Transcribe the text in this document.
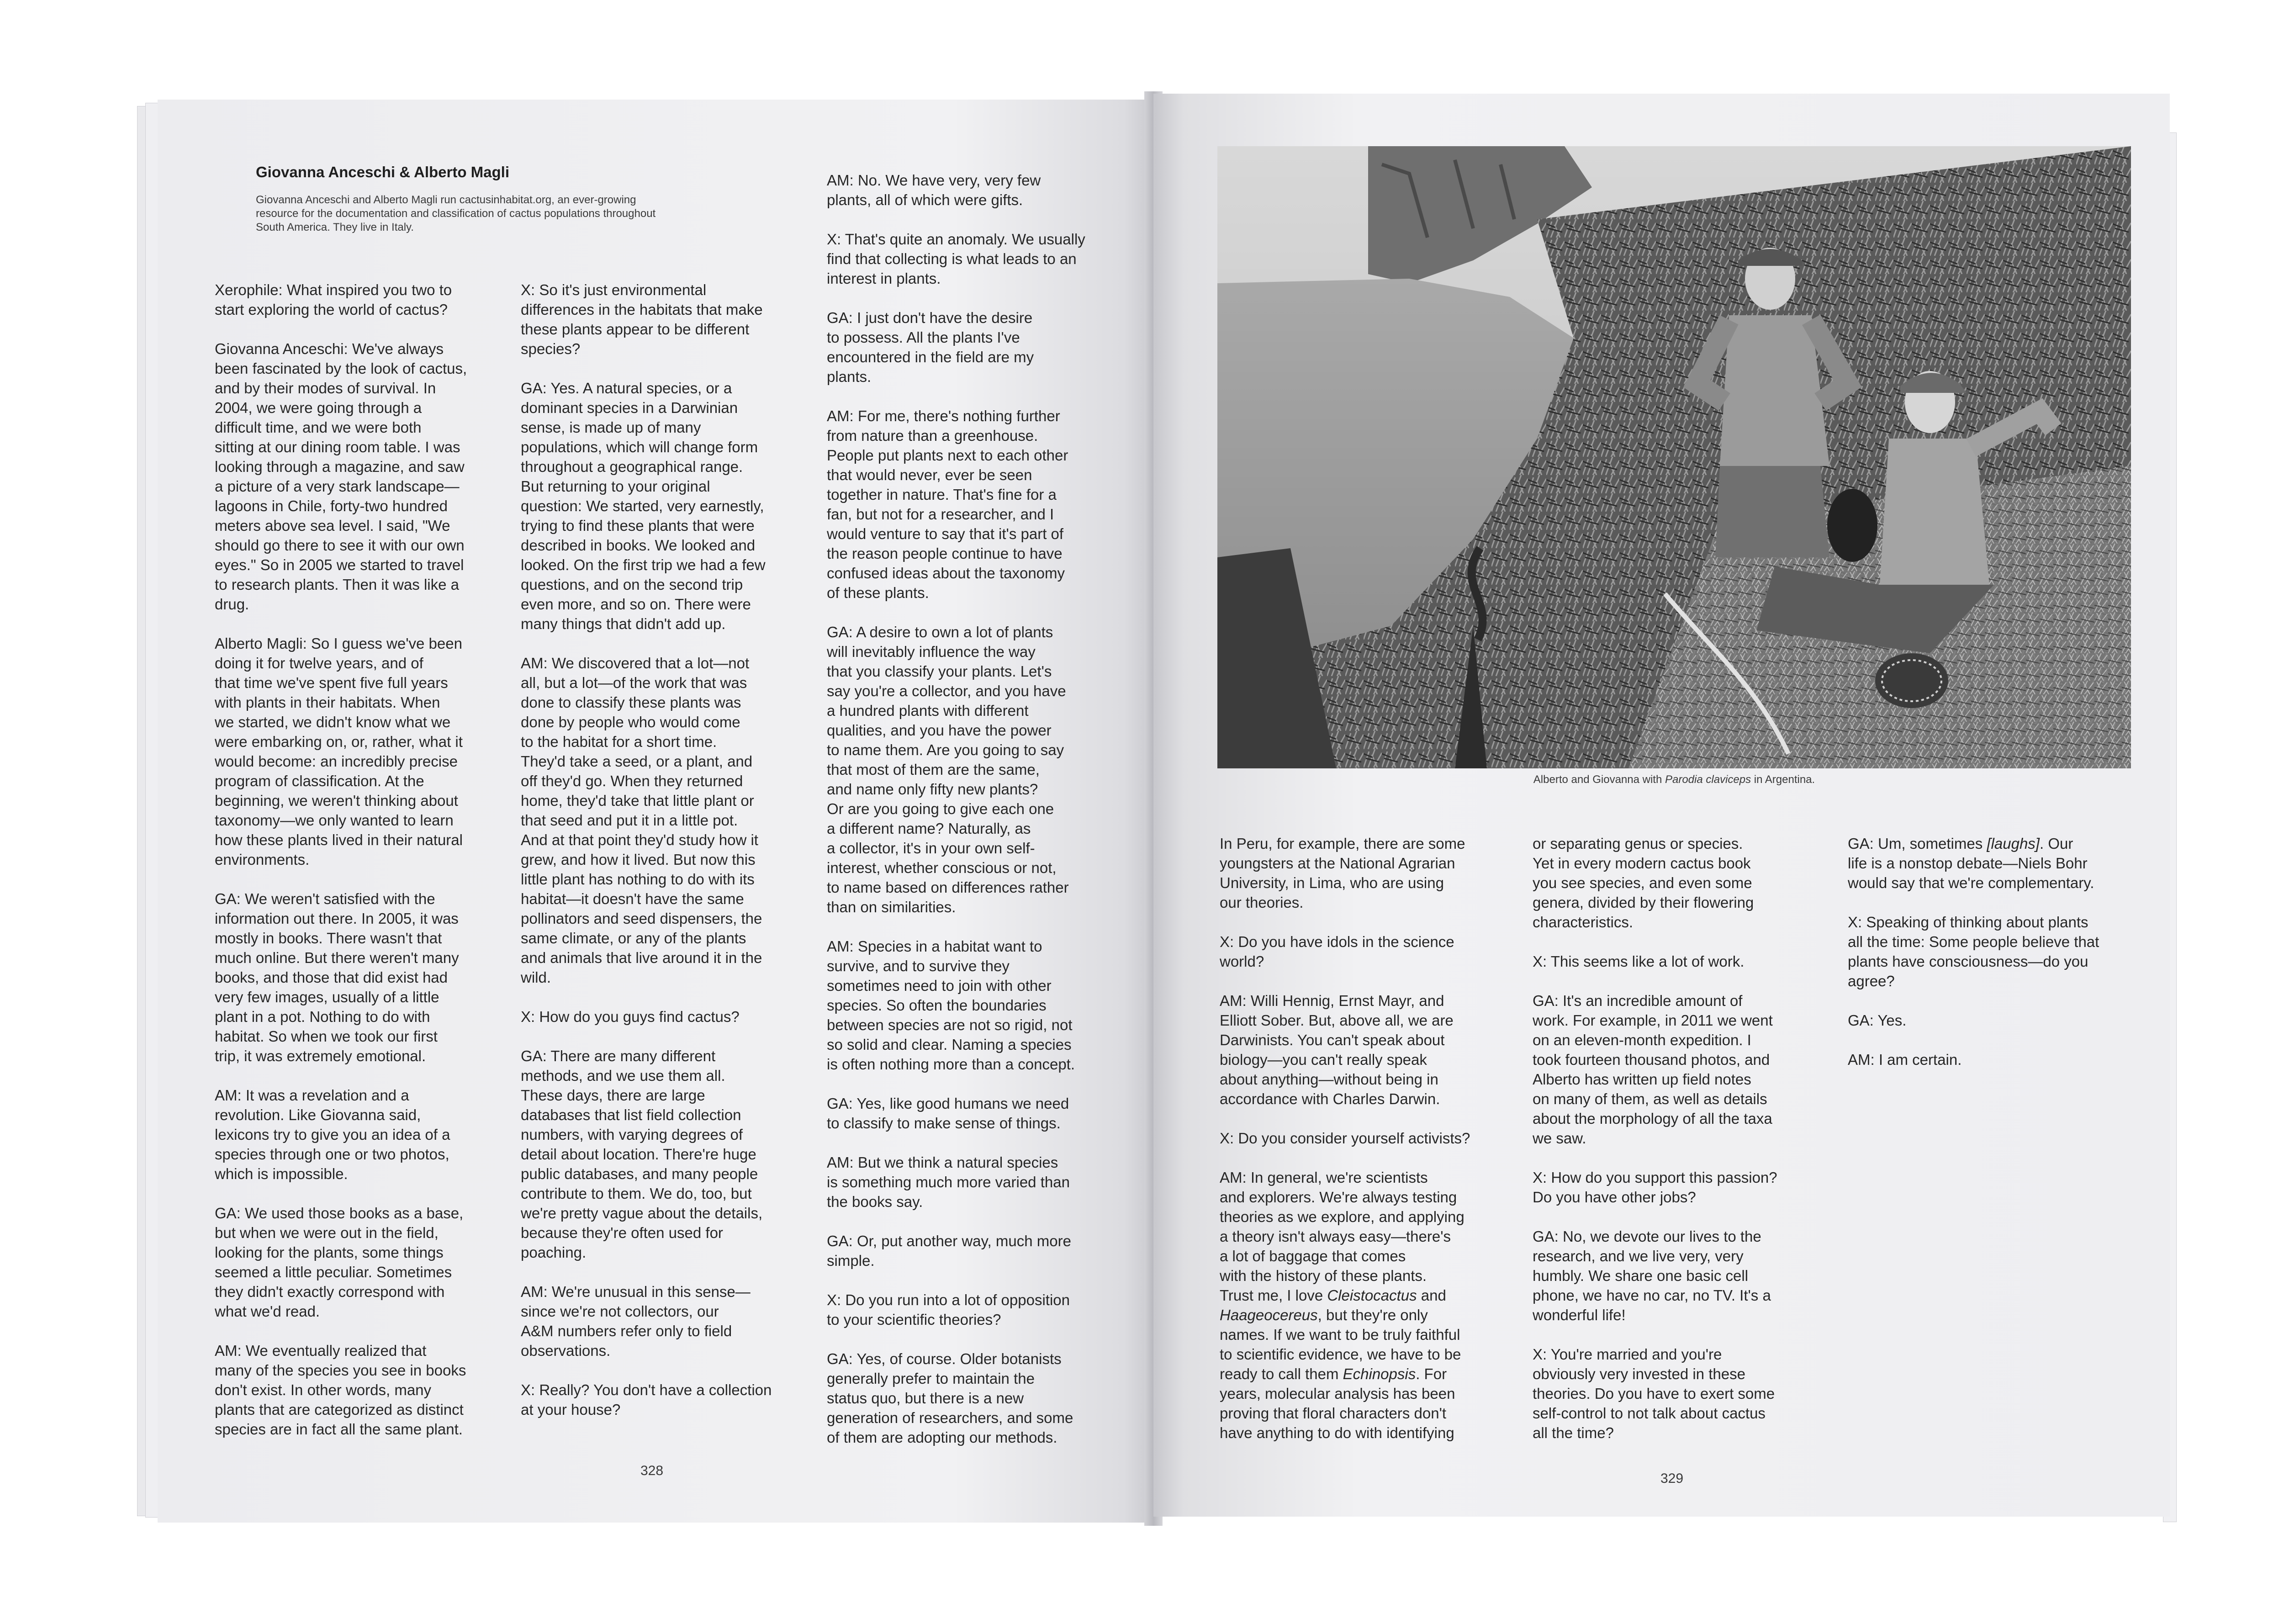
Giovanna Anceschi & Alberto Magli
Giovanna Anceschi and Alberto Magli run cactusinhabitat.org, an ever-growing
resource for the documentation and classification of cactus populations throughout
South America. They live in Italy.

Xerophile: What inspired you two to
start exploring the world of cactus?

Giovanna Anceschi: We've always
been fascinated by the look of cactus,
and by their modes of survival. In
2004, we were going through a
difficult time, and we were both
sitting at our dining room table. I was
looking through a magazine, and saw
a picture of a very stark landscape—
lagoons in Chile, forty-two hundred
meters above sea level. I said, "We
should go there to see it with our own
eyes." So in 2005 we started to travel
to research plants. Then it was like a
drug.

Alberto Magli: So I guess we've been
doing it for twelve years, and of
that time we've spent five full years
with plants in their habitats. When
we started, we didn't know what we
were embarking on, or, rather, what it
would become: an incredibly precise
program of classification. At the
beginning, we weren't thinking about
taxonomy—we only wanted to learn
how these plants lived in their natural
environments.

GA: We weren't satisfied with the
information out there. In 2005, it was
mostly in books. There wasn't that
much online. But there weren't many
books, and those that did exist had
very few images, usually of a little
plant in a pot. Nothing to do with
habitat. So when we took our first
trip, it was extremely emotional.

AM: It was a revelation and a
revolution. Like Giovanna said,
lexicons try to give you an idea of a
species through one or two photos,
which is impossible.

GA: We used those books as a base,
but when we were out in the field,
looking for the plants, some things
seemed a little peculiar. Sometimes
they didn't exactly correspond with
what we'd read.

AM: We eventually realized that
many of the species you see in books
don't exist. In other words, many
plants that are categorized as distinct
species are in fact all the same plant.

X: So it's just environmental
differences in the habitats that make
these plants appear to be different
species?

GA: Yes. A natural species, or a
dominant species in a Darwinian
sense, is made up of many
populations, which will change form
throughout a geographical range.
But returning to your original
question: We started, very earnestly,
trying to find these plants that were
described in books. We looked and
looked. On the first trip we had a few
questions, and on the second trip
even more, and so on. There were
many things that didn't add up.

AM: We discovered that a lot—not
all, but a lot—of the work that was
done to classify these plants was
done by people who would come
to the habitat for a short time.
They'd take a seed, or a plant, and
off they'd go. When they returned
home, they'd take that little plant or
that seed and put it in a little pot.
And at that point they'd study how it
grew, and how it lived. But now this
little plant has nothing to do with its
habitat—it doesn't have the same
pollinators and seed dispensers, the
same climate, or any of the plants
and animals that live around it in the
wild.

X: How do you guys find cactus?

GA: There are many different
methods, and we use them all.
These days, there are large
databases that list field collection
numbers, with varying degrees of
detail about location. There're huge
public databases, and many people
contribute to them. We do, too, but
we're pretty vague about the details,
because they're often used for
poaching.

AM: We're unusual in this sense—
since we're not collectors, our
A&M numbers refer only to field
observations.

X: Really? You don't have a collection
at your house?

AM: No. We have very, very few
plants, all of which were gifts.

X: That's quite an anomaly. We usually
find that collecting is what leads to an
interest in plants.

GA: I just don't have the desire
to possess. All the plants I've
encountered in the field are my
plants.

AM: For me, there's nothing further
from nature than a greenhouse.
People put plants next to each other
that would never, ever be seen
together in nature. That's fine for a
fan, but not for a researcher, and I
would venture to say that it's part of
the reason people continue to have
confused ideas about the taxonomy
of these plants.

GA: A desire to own a lot of plants
will inevitably influence the way
that you classify your plants. Let's
say you're a collector, and you have
a hundred plants with different
qualities, and you have the power
to name them. Are you going to say
that most of them are the same,
and name only fifty new plants?
Or are you going to give each one
a different name? Naturally, as
a collector, it's in your own self-
interest, whether conscious or not,
to name based on differences rather
than on similarities.

AM: Species in a habitat want to
survive, and to survive they
sometimes need to join with other
species. So often the boundaries
between species are not so rigid, not
so solid and clear. Naming a species
is often nothing more than a concept.

GA: Yes, like good humans we need
to classify to make sense of things.

AM: But we think a natural species
is something much more varied than
the books say.

GA: Or, put another way, much more
simple.

X: Do you run into a lot of opposition
to your scientific theories?

GA: Yes, of course. Older botanists
generally prefer to maintain the
status quo, but there is a new
generation of researchers, and some
of them are adopting our methods.

328
Alberto and Giovanna with Parodia claviceps in Argentina.

In Peru, for example, there are some
youngsters at the National Agrarian
University, in Lima, who are using
our theories.

X: Do you have idols in the science
world?

AM: Willi Hennig, Ernst Mayr, and
Elliott Sober. But, above all, we are
Darwinists. You can't speak about
biology—you can't really speak
about anything—without being in
accordance with Charles Darwin.

X: Do you consider yourself activists?

AM: In general, we're scientists
and explorers. We're always testing
theories as we explore, and applying
a theory isn't always easy—there's
a lot of baggage that comes
with the history of these plants.
Trust me, I love Cleistocactus and
Haageocereus, but they're only
names. If we want to be truly faithful
to scientific evidence, we have to be
ready to call them Echinopsis. For
years, molecular analysis has been
proving that floral characters don't
have anything to do with identifying

or separating genus or species.
Yet in every modern cactus book
you see species, and even some
genera, divided by their flowering
characteristics.

X: This seems like a lot of work.

GA: It's an incredible amount of
work. For example, in 2011 we went
on an eleven-month expedition. I
took fourteen thousand photos, and
Alberto has written up field notes
on many of them, as well as details
about the morphology of all the taxa
we saw.

X: How do you support this passion?
Do you have other jobs?

GA: No, we devote our lives to the
research, and we live very, very
humbly. We share one basic cell
phone, we have no car, no TV. It's a
wonderful life!

X: You're married and you're
obviously very invested in these
theories. Do you have to exert some
self-control to not talk about cactus
all the time?

GA: Um, sometimes [laughs]. Our
life is a nonstop debate—Niels Bohr
would say that we're complementary.

X: Speaking of thinking about plants
all the time: Some people believe that
plants have consciousness—do you
agree?

GA: Yes.

AM: I am certain.

329
